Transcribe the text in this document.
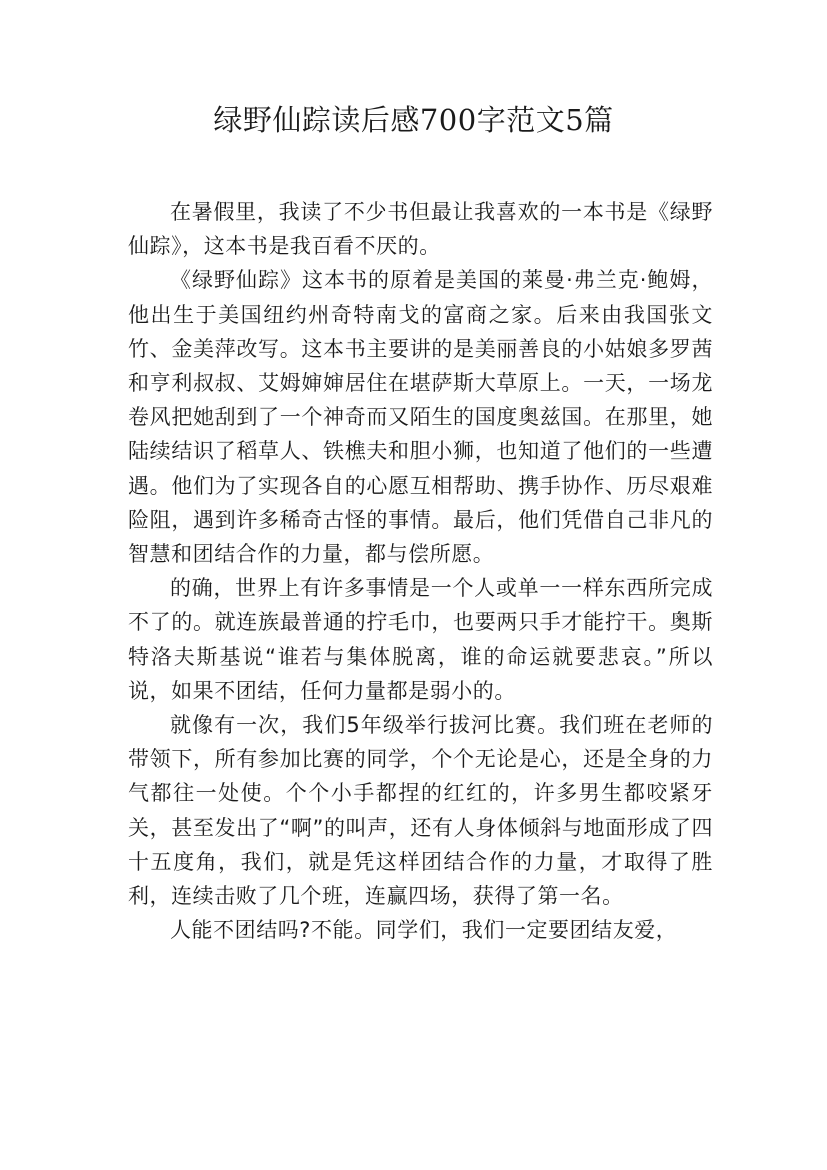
绿野仙踪读后感700字范文5篇

在暑假里，我读了不少书但最让我喜欢的一本书是《绿野仙踪》，这本书是我百看不厌的。

《绿野仙踪》这本书的原着是美国的莱曼·弗兰克·鲍姆，他出生于美国纽约州奇特南戈的富商之家。后来由我国张文竹、金美萍改写。这本书主要讲的是美丽善良的小姑娘多罗茜和亨利叔叔、艾姆婶婶居住在堪萨斯大草原上。一天，一场龙卷风把她刮到了一个神奇而又陌生的国度奥兹国。在那里，她陆续结识了稻草人、铁樵夫和胆小狮，也知道了他们的一些遭遇。他们为了实现各自的心愿互相帮助、携手协作、历尽艰难险阻，遇到许多稀奇古怪的事情。最后，他们凭借自己非凡的智慧和团结合作的力量，都与偿所愿。

的确，世界上有许多事情是一个人或单一一样东西所完成不了的。就连族最普通的拧毛巾，也要两只手才能拧干。奥斯特洛夫斯基说“谁若与集体脱离，谁的命运就要悲哀。”所以说，如果不团结，任何力量都是弱小的。

就像有一次，我们5年级举行拔河比赛。我们班在老师的带领下，所有参加比赛的同学，个个无论是心，还是全身的力气都往一处使。个个小手都捏的红红的，许多男生都咬紧牙关，甚至发出了“啊”的叫声，还有人身体倾斜与地面形成了四十五度角，我们，就是凭这样团结合作的力量，才取得了胜利，连续击败了几个班，连赢四场，获得了第一名。

人能不团结吗?不能。同学们，我们一定要团结友爱，
